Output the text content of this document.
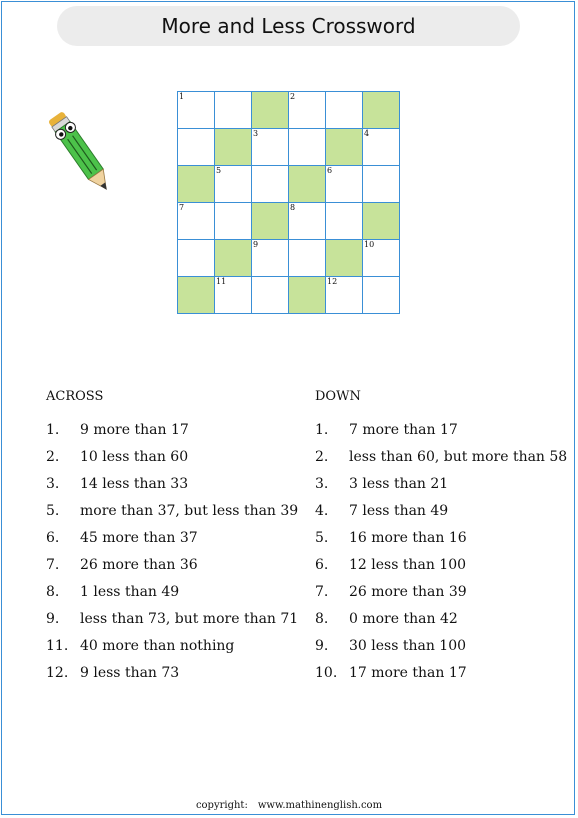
More and Less Crossword
1			2		

		3			4

	5			6	

7			8		

		9			10

	11			12	

ACROSS	DOWN
1. 9 more than 17
2. 10 less than 60
3. 14 less than 33
5. more than 37, but less than 39
6. 45 more than 37
7. 26 more than 36
8. 1 less than 49
9. less than 73, but more than 71
11. 40 more than nothing
12. 9 less than 73
1. 7 more than 17
2. less than 60, but more than 58
3. 3 less than 21
4. 7 less than 49
5. 16 more than 16
6. 12 less than 100
7. 26 more than 39
8. 0 more than 42
9. 30 less than 100
10. 17 more than 17
copyright: www.mathinenglish.com
